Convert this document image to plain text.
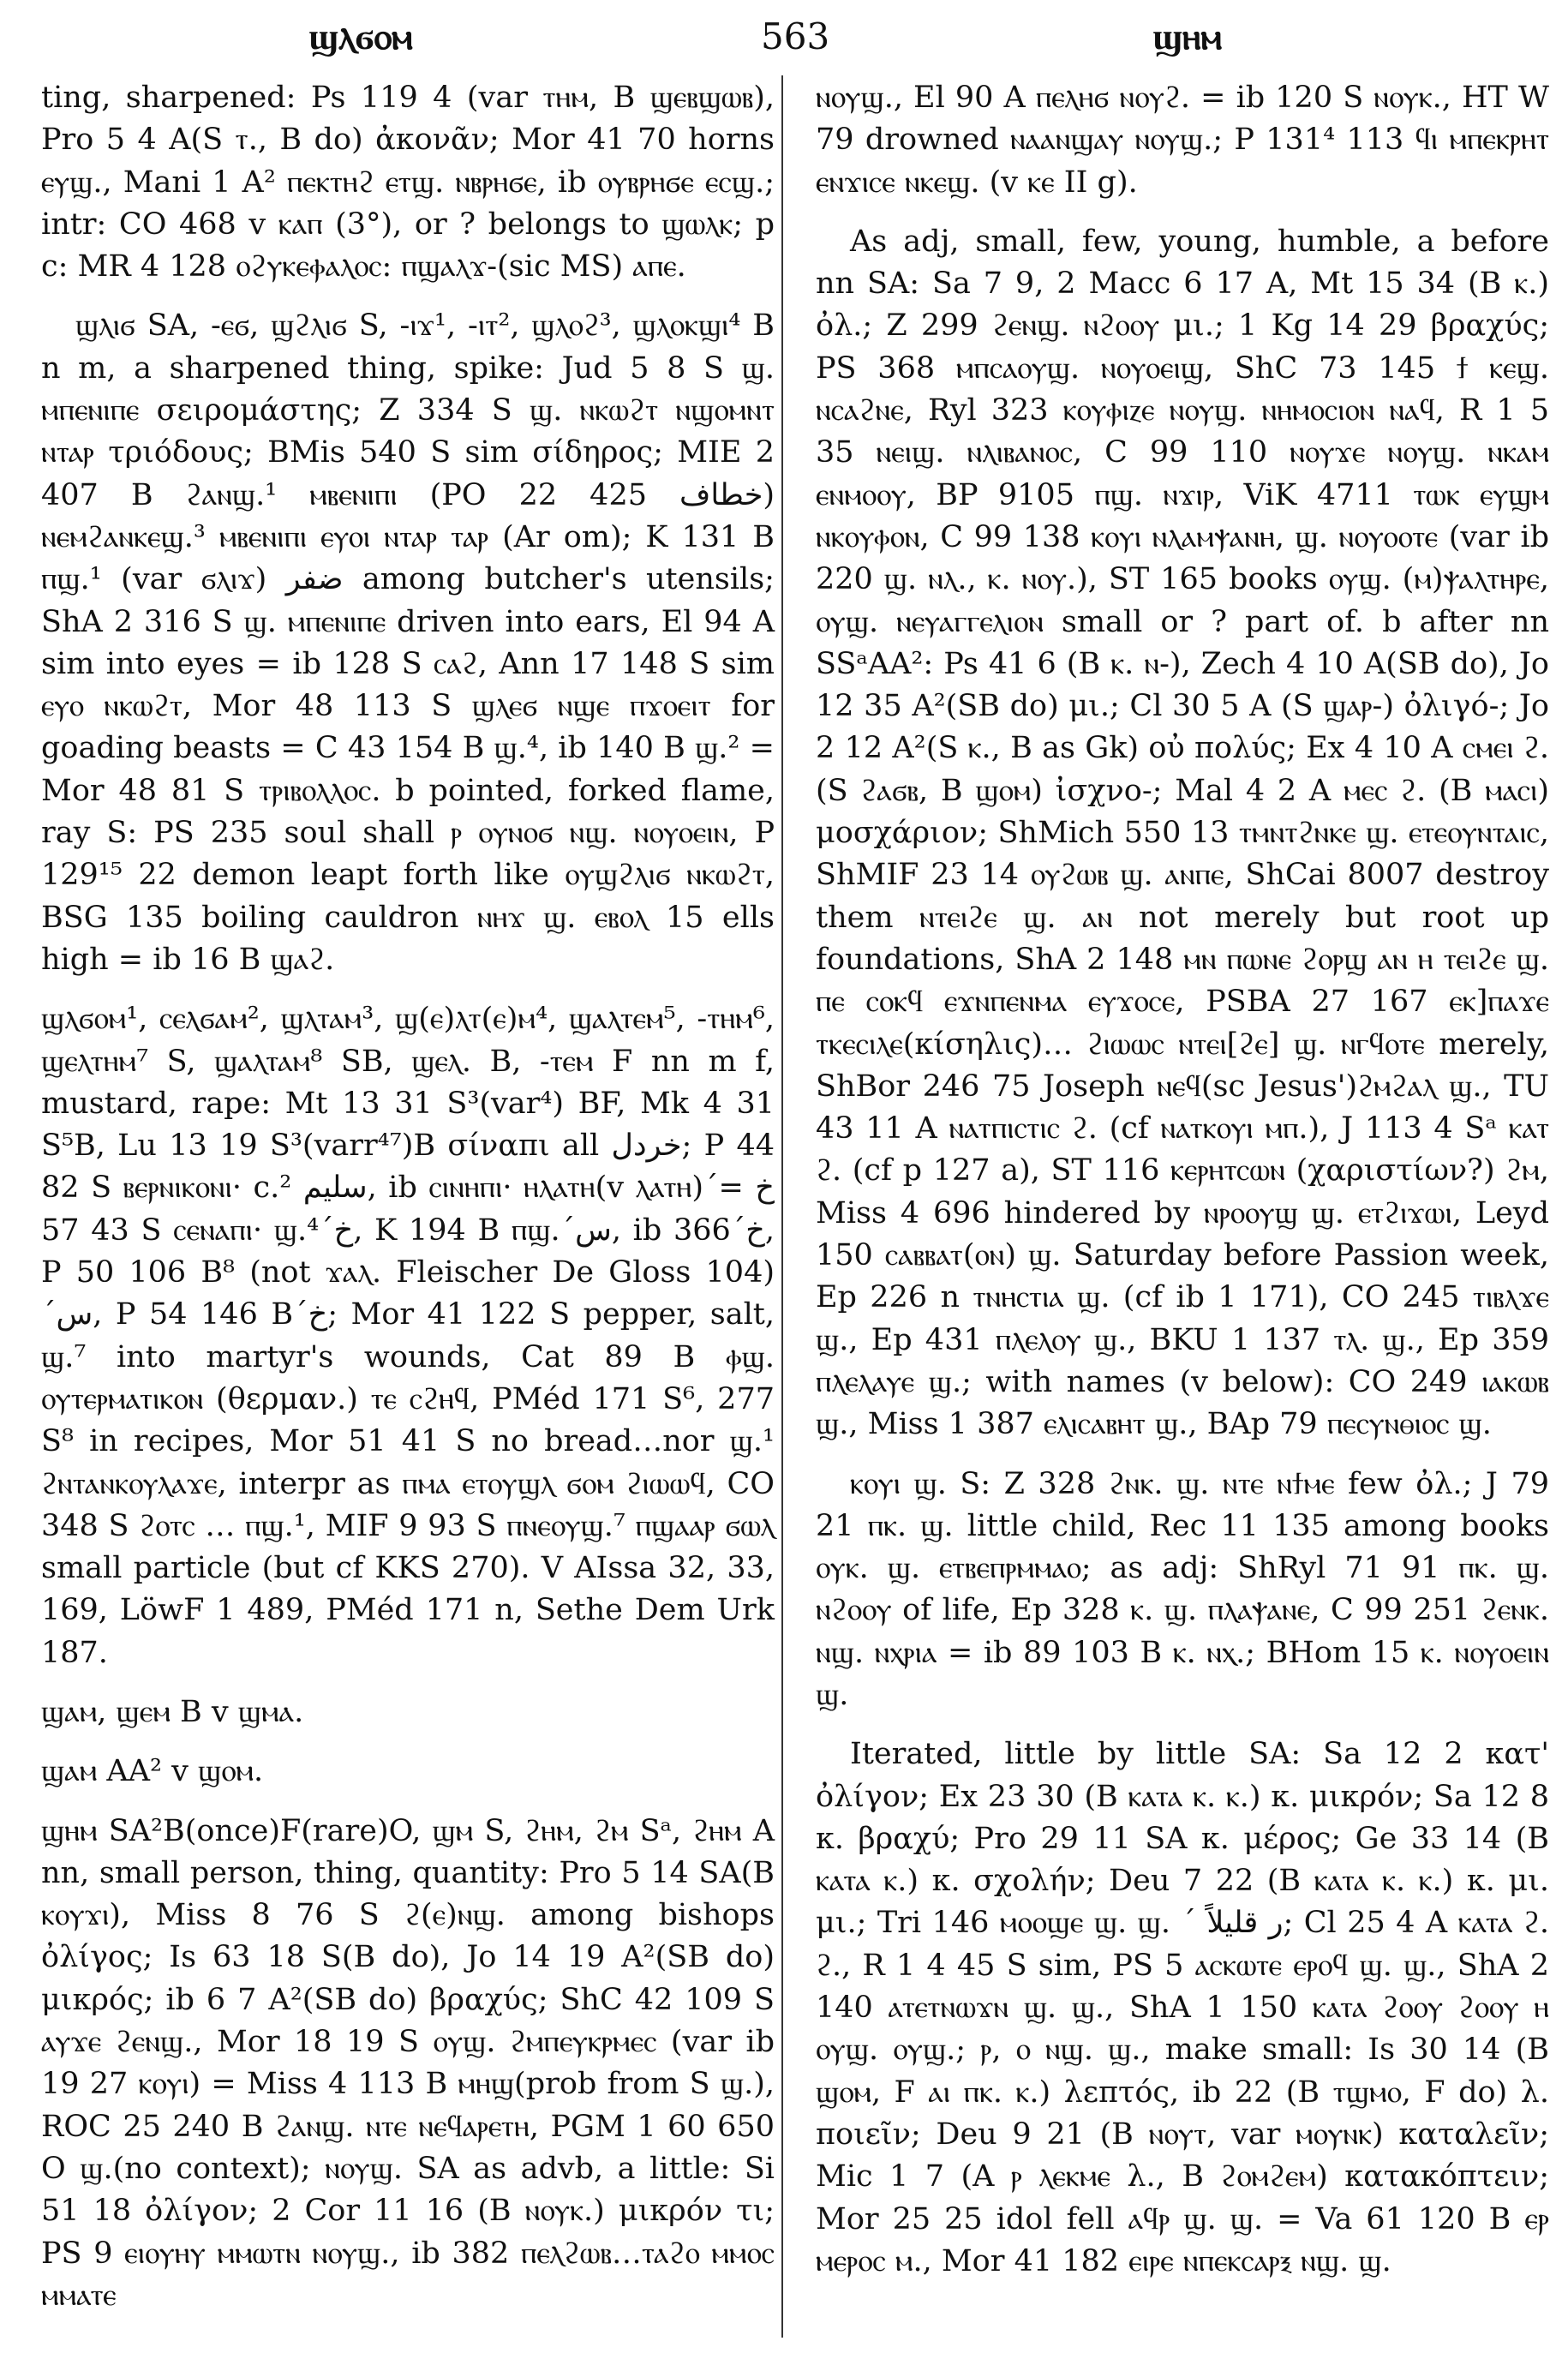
ϣⲗϭⲟⲙ	563	ϣⲏⲙ

ting, sharpened: Ps 119 4 (var ⲧⲏⲙ, B ϣⲉⲃϣⲱⲃ), Pro 5 4 A(S ⲧ., B do) ἀκονᾶν; Mor 41 70 horns ⲉⲩϣ., Mani 1 A² ⲡⲉⲕⲧⲏϩ ⲉⲧϣ. ⲛⲃⲣⲏϭⲉ, ib ⲟⲩⲃⲣⲏϭⲉ ⲉⲥϣ.; intr: CO 468 v ⲕⲁⲡ (3°), or ? belongs to ϣⲱⲗⲕ; p c: MR 4 128 ⲟϩⲩⲕⲉⲫⲁⲗⲟⲥ: ⲡϣⲁⲗϫ-(sic MS) ⲁⲡⲉ.

ϣⲗⲓϭ SA, -ⲉϭ, ϣϩⲗⲓϭ S, -ⲓϫ¹, -ⲓⲧ², ϣⲗⲟϩ³, ϣⲗⲟⲕϣⲓ⁴ B n m, a sharpened thing, spike: Jud 5 8 S ϣ. ⲙⲡⲉⲛⲓⲡⲉ σειρομάστης; Z 334 S ϣ. ⲛⲕⲱϩⲧ ⲛϣⲟⲙⲛⲧ ⲛⲧⲁⲣ τριόδους; BMis 540 S sim σίδηρος; MIE 2 407 B ϩⲁⲛϣ.¹ ⲙⲃⲉⲛⲓⲡⲓ (PO 22 425 خطاف) ⲛⲉⲙϩⲁⲛⲕⲉϣ.³ ⲙⲃⲉⲛⲓⲡⲓ ⲉⲩⲟⲓ ⲛⲧⲁⲣ ⲧⲁⲣ (Ar om); K 131 B ⲡϣ.¹ (var ϭⲗⲓϫ) ضفر among butcher's utensils; ShA 2 316 S ϣ. ⲙⲡⲉⲛⲓⲡⲉ driven into ears, El 94 A sim into eyes = ib 128 S ⲥⲁϩ, Ann 17 148 S sim ⲉⲩⲟ ⲛⲕⲱϩⲧ, Mor 48 113 S ϣⲗⲉϭ ⲛϣⲉ ⲡϫⲟⲉⲓⲧ for goading beasts = C 43 154 B ϣ.⁴, ib 140 B ϣ.² = Mor 48 81 S ⲧⲣⲓⲃⲟⲗⲗⲟⲥ. b pointed, forked flame, ray S: PS 235 soul shall ⲣ ⲟⲩⲛⲟϭ ⲛϣ. ⲛⲟⲩⲟⲉⲓⲛ, P 129¹⁵ 22 demon leapt forth like ⲟⲩϣϩⲗⲓϭ ⲛⲕⲱϩⲧ, BSG 135 boiling cauldron ⲛⲏϫ ϣ. ⲉⲃⲟⲗ 15 ells high = ib 16 B ϣⲁϩ.

ϣⲗϭⲟⲙ¹, ⲥⲉⲗϭⲁⲙ², ϣⲗⲧⲁⲙ³, ϣ(ⲉ)ⲗⲧ(ⲉ)ⲙ⁴, ϣⲁⲗⲧⲉⲙ⁵, -ⲧⲏⲙ⁶, ϣⲉⲗⲧⲏⲙ⁷ S, ϣⲁⲗⲧⲁⲙ⁸ SB, ϣⲉⲗ. B, -ⲧⲉⲙ F nn m f, mustard, rape: Mt 13 31 S³(var⁴) BF, Mk 4 31 S⁵B, Lu 13 19 S³(varr⁴⁷)B σίναπι all خردل; P 44 82 S ⲃⲉⲣⲛⲓⲕⲟⲛⲓ· c.² سليم, ib ⲥⲓⲛⲏⲡⲓ· ⲏⲗⲁⲧⲏ(v ⲗⲁⲧⲏ)´خ = 43 57 S ⲥⲉⲛⲁⲡⲓ· ϣ.⁴´خ, K 194 B ⲡϣ.´س, ib 366´خ, P 50 106 B⁸ (not ϫⲁⲗ. Fleischer De Gloss 104)´س, P 54 146 B´خ; Mor 41 122 S pepper, salt, ϣ.⁷ into martyr's wounds, Cat 89 B ⲫϣ. ⲟⲩⲧⲉⲣⲙⲁⲧⲓⲕⲟⲛ (θερμαν.) ⲧⲉ ⲥϩⲏϥ, PMéd 171 S⁶, 277 S⁸ in recipes, Mor 51 41 S no bread…nor ϣ.¹ ϩⲛⲧⲁⲛⲕⲟⲩⲗⲁϫⲉ, interpr as ⲡⲙⲁ ⲉⲧⲟⲩϣⲗ ϭⲟⲙ ϩⲓⲱⲱϥ, CO 348 S ϩⲟⲧⲥ … ⲡϣ.¹, MIF 9 93 S ⲡⲛⲉⲟⲩϣ.⁷ ⲡϣⲁⲁⲣ ϭⲱⲗ small particle (but cf KKS 270). V AIssa 32, 33, 169, LöwF 1 489, PMéd 171 n, Sethe Dem Urk 187.

ϣⲁⲙ, ϣⲉⲙ B v ϣⲙⲁ.

ϣⲁⲙ AA² v ϣⲟⲙ.

ϣⲏⲙ SA²B(once)F(rare)O, ϣⲙ S, ϩⲏⲙ, ϩⲙ Sᵃ, ϩⲏⲙ A nn, small person, thing, quantity: Pro 5 14 SA(B ⲕⲟⲩϫⲓ), Miss 8 76 S ϩ(ⲉ)ⲛϣ. among bishops ὀλίγος; Is 63 18 S(B do), Jo 14 19 A²(SB do) μικρός; ib 6 7 A²(SB do) βραχύς; ShC 42 109 S ⲁⲩϫⲉ ϩⲉⲛϣ., Mor 18 19 S ⲟⲩϣ. ϩⲙⲡⲉⲩⲕⲣⲙⲉⲥ (var ib 19 27 ⲕⲟⲩⲓ) = Miss 4 113 B ⲙⲏϣ(prob from S ϣ.), ROC 25 240 B ϩⲁⲛϣ. ⲛⲧⲉ ⲛⲉϥⲁⲣⲉⲧⲏ, PGM 1 60 650 O ϣ.(no context); ⲛⲟⲩϣ. SA as advb, a little: Si 51 18 ὀλίγον; 2 Cor 11 16 (B ⲛⲟⲩⲕ.) μικρόν τι; PS 9 ⲉⲓⲟⲩⲏⲩ ⲙⲙⲱⲧⲛ ⲛⲟⲩϣ., ib 382 ⲡⲉⲗϩⲱⲃ…ⲧⲁϩⲟ ⲙⲙⲟⲥ ⲙⲙⲁⲧⲉ

ⲛⲟⲩϣ., El 90 A ⲡⲉⲗⲏϭ ⲛⲟⲩϩ. = ib 120 S ⲛⲟⲩⲕ., HT W 79 drowned ⲛⲁⲁⲛϣⲁⲩ ⲛⲟⲩϣ.; P 131⁴ 113 ϥⲓ ⲙⲡⲉⲕⲣⲏⲧ ⲉⲛϫⲓⲥⲉ ⲛⲕⲉϣ. (v ⲕⲉ II g).

As adj, small, few, young, humble, a before nn SA: Sa 7 9, 2 Macc 6 17 A, Mt 15 34 (B ⲕ.) ὀλ.; Z 299 ϩⲉⲛϣ. ⲛϩⲟⲟⲩ μι.; 1 Kg 14 29 βραχύς; PS 368 ⲙⲡⲥⲁⲟⲩϣ. ⲛⲟⲩⲟⲉⲓϣ, ShC 73 145 ϯ ⲕⲉϣ. ⲛⲥⲁϩⲛⲉ, Ryl 323 ⲕⲟⲩⲫⲓⲍⲉ ⲛⲟⲩϣ. ⲛⲏⲙⲟⲥⲓⲟⲛ ⲛⲁϥ, R 1 5 35 ⲛⲉⲓϣ. ⲛⲗⲓⲃⲁⲛⲟⲥ, C 99 110 ⲛⲟⲩϫⲉ ⲛⲟⲩϣ. ⲛⲕⲁⲙ ⲉⲛⲙⲟⲟⲩ, BP 9105 ⲡϣ. ⲛϫⲓⲣ, ViK 4711 ⲧⲱⲕ ⲉⲩϣⲙ ⲛⲕⲟⲩⲫⲟⲛ, C 99 138 ⲕⲟⲩⲓ ⲛⲗⲁⲙⲯⲁⲛⲏ, ϣ. ⲛⲟⲩⲟⲟⲧⲉ (var ib 220 ϣ. ⲛⲗ., ⲕ. ⲛⲟⲩ.), ST 165 books ⲟⲩϣ. (ⲙ)ⲯⲁⲗⲧⲏⲣⲉ, ⲟⲩϣ. ⲛⲉⲩⲁⲅⲅⲉⲗⲓⲟⲛ small or ? part of. b after nn SSᵃAA²: Ps 41 6 (B ⲕ. ⲛ-), Zech 4 10 A(SB do), Jo 12 35 A²(SB do) μι.; Cl 30 5 A (S ϣⲁⲣ-) ὀλιγό-; Jo 2 12 A²(S ⲕ., B as Gk) οὐ πολύς; Ex 4 10 A ⲥⲙⲉⲓ ϩ. (S ϩⲁϭⲃ, B ϣⲟⲙ) ἰσχνο-; Mal 4 2 A ⲙⲉⲥ ϩ. (B ⲙⲁⲥⲓ) μοσχάριον; ShMich 550 13 ⲧⲙⲛⲧϩⲛⲕⲉ ϣ. ⲉⲧⲉⲟⲩⲛⲧⲁⲓⲥ, ShMIF 23 14 ⲟⲩϩⲱⲃ ϣ. ⲁⲛⲡⲉ, ShCai 8007 destroy them ⲛⲧⲉⲓϩⲉ ϣ. ⲁⲛ not merely but root up foundations, ShA 2 148 ⲙⲛ ⲡⲱⲛⲉ ϩⲟⲣϣ ⲁⲛ ⲏ ⲧⲉⲓϩⲉ ϣ. ⲡⲉ ⲥⲟⲕϥ ⲉϫⲛⲡⲉⲛⲙⲁ ⲉⲩϫⲟⲥⲉ, PSBA 27 167 ⲉⲕ]ⲡⲁϫⲉ ⲧⲕⲉⲥⲓⲗⲉ(κίσηλις)… ϩⲓⲱⲱⲥ ⲛⲧⲉⲓ[ϩⲉ] ϣ. ⲛⲅϥⲟⲧⲉ merely, ShBor 246 75 Joseph ⲛⲉϥ(sc Jesus')ϩⲙϩⲁⲗ ϣ., TU 43 11 A ⲛⲁⲧⲡⲓⲥⲧⲓⲥ ϩ. (cf ⲛⲁⲧⲕⲟⲩⲓ ⲙⲡ.), J 113 4 Sᵃ ⲕⲁⲧ ϩ. (cf p 127 a), ST 116 ⲕⲉⲣⲏⲧⲥⲱⲛ (χαριστίων?) ϩⲙ, Miss 4 696 hindered by ⲛⲣⲟⲟⲩϣ ϣ. ⲉⲧϩⲓϫⲱⲓ, Leyd 150 ⲥⲁⲃⲃⲁⲧ(ⲟⲛ) ϣ. Saturday before Passion week, Ep 226 n ⲧⲛⲏⲥⲧⲓⲁ ϣ. (cf ib 1 171), CO 245 ⲧⲓⲃⲗϫⲉ ϣ., Ep 431 ⲡⲗⲉⲗⲟⲩ ϣ., BKU 1 137 ⲧⲗ. ϣ., Ep 359 ⲡⲗⲉⲗⲁⲩⲉ ϣ.; with names (v below): CO 249 ⲓⲁⲕⲱⲃ ϣ., Miss 1 387 ⲉⲗⲓⲥⲁⲃⲏⲧ ϣ., BAp 79 ⲡⲉⲥⲩⲛⲑⲓⲟⲥ ϣ.

ⲕⲟⲩⲓ ϣ. S: Z 328 ϩⲛⲕ. ϣ. ⲛⲧⲉ ⲛϯⲙⲉ few ὀλ.; J 79 21 ⲡⲕ. ϣ. little child, Rec 11 135 among books ⲟⲩⲕ. ϣ. ⲉⲧⲃⲉⲡⲣⲙⲙⲁⲟ; as adj: ShRyl 71 91 ⲡⲕ. ϣ. ⲛϩⲟⲟⲩ of life, Ep 328 ⲕ. ϣ. ⲡⲗⲁⲯⲁⲛⲉ, C 99 251 ϩⲉⲛⲕ. ⲛϣ. ⲛⲭⲣⲓⲁ = ib 89 103 B ⲕ. ⲛⲭ.; BHom 15 ⲕ. ⲛⲟⲩⲟⲉⲓⲛ ϣ.

Iterated, little by little SA: Sa 12 2 κατ' ὀλίγον; Ex 23 30 (B ⲕⲁⲧⲁ ⲕ. ⲕ.) κ. μικρόν; Sa 12 8 κ. βραχύ; Pro 29 11 SA κ. μέρος; Ge 33 14 (B ⲕⲁⲧⲁ ⲕ.) κ. σχολήν; Deu 7 22 (B ⲕⲁⲧⲁ ⲕ. ⲕ.) κ. μι. μι.; Tri 146 ⲙⲟⲟϣⲉ ϣ. ϣ. ´ ر قليلاً; Cl 25 4 A ⲕⲁⲧⲁ ϩ. ϩ., R 1 4 45 S sim, PS 5 ⲁⲥⲕⲱⲧⲉ ⲉⲣⲟϥ ϣ. ϣ., ShA 2 140 ⲁⲧⲉⲧⲛⲱϫⲛ ϣ. ϣ., ShA 1 150 ⲕⲁⲧⲁ ϩⲟⲟⲩ ϩⲟⲟⲩ ⲏ ⲟⲩϣ. ⲟⲩϣ.; ⲣ, ⲟ ⲛϣ. ϣ., make small: Is 30 14 (B ϣⲟⲙ, F ⲁⲓ ⲡⲕ. ⲕ.) λεπτός, ib 22 (B ⲧϣⲙⲟ, F do) λ. ποιεῖν; Deu 9 21 (B ⲛⲟⲩⲧ, var ⲙⲟⲩⲛⲕ) καταλεῖν; Mic 1 7 (A ⲣ ⲗⲉⲕⲙⲉ λ., B ϩⲟⲙϩⲉⲙ) κατακόπτειν; Mor 25 25 idol fell ⲁϥⲣ ϣ. ϣ. = Va 61 120 B ⲉⲣ ⲙⲉⲣⲟⲥ ⲙ., Mor 41 182 ⲉⲓⲣⲉ ⲛⲡⲉⲕⲥⲁⲣⲝ ⲛϣ. ϣ.
